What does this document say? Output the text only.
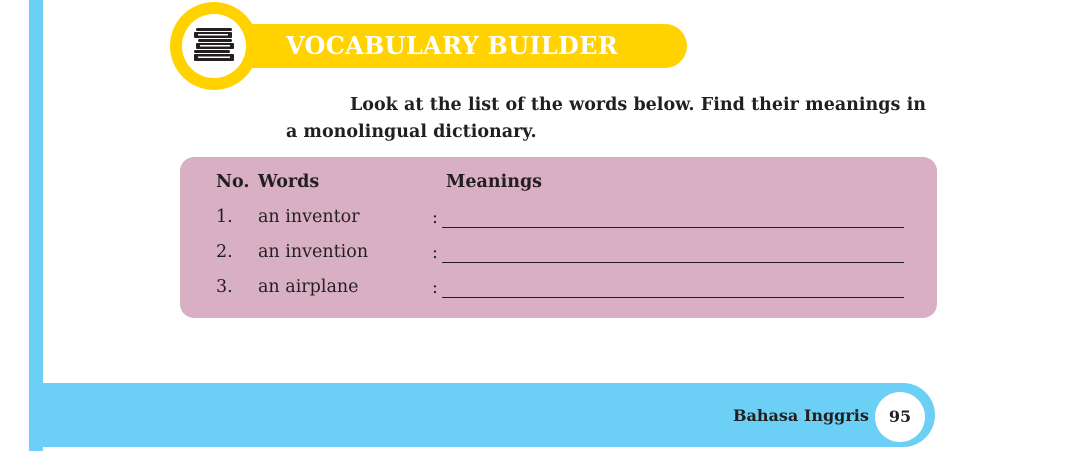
VOCABULARY BUILDER
Look at the list of the words below. Find their meanings in a monolingual dictionary.
No. Words	Meanings
1. an inventor	:
2. an invention	:
3. an airplane	:
Bahasa Inggris	95
